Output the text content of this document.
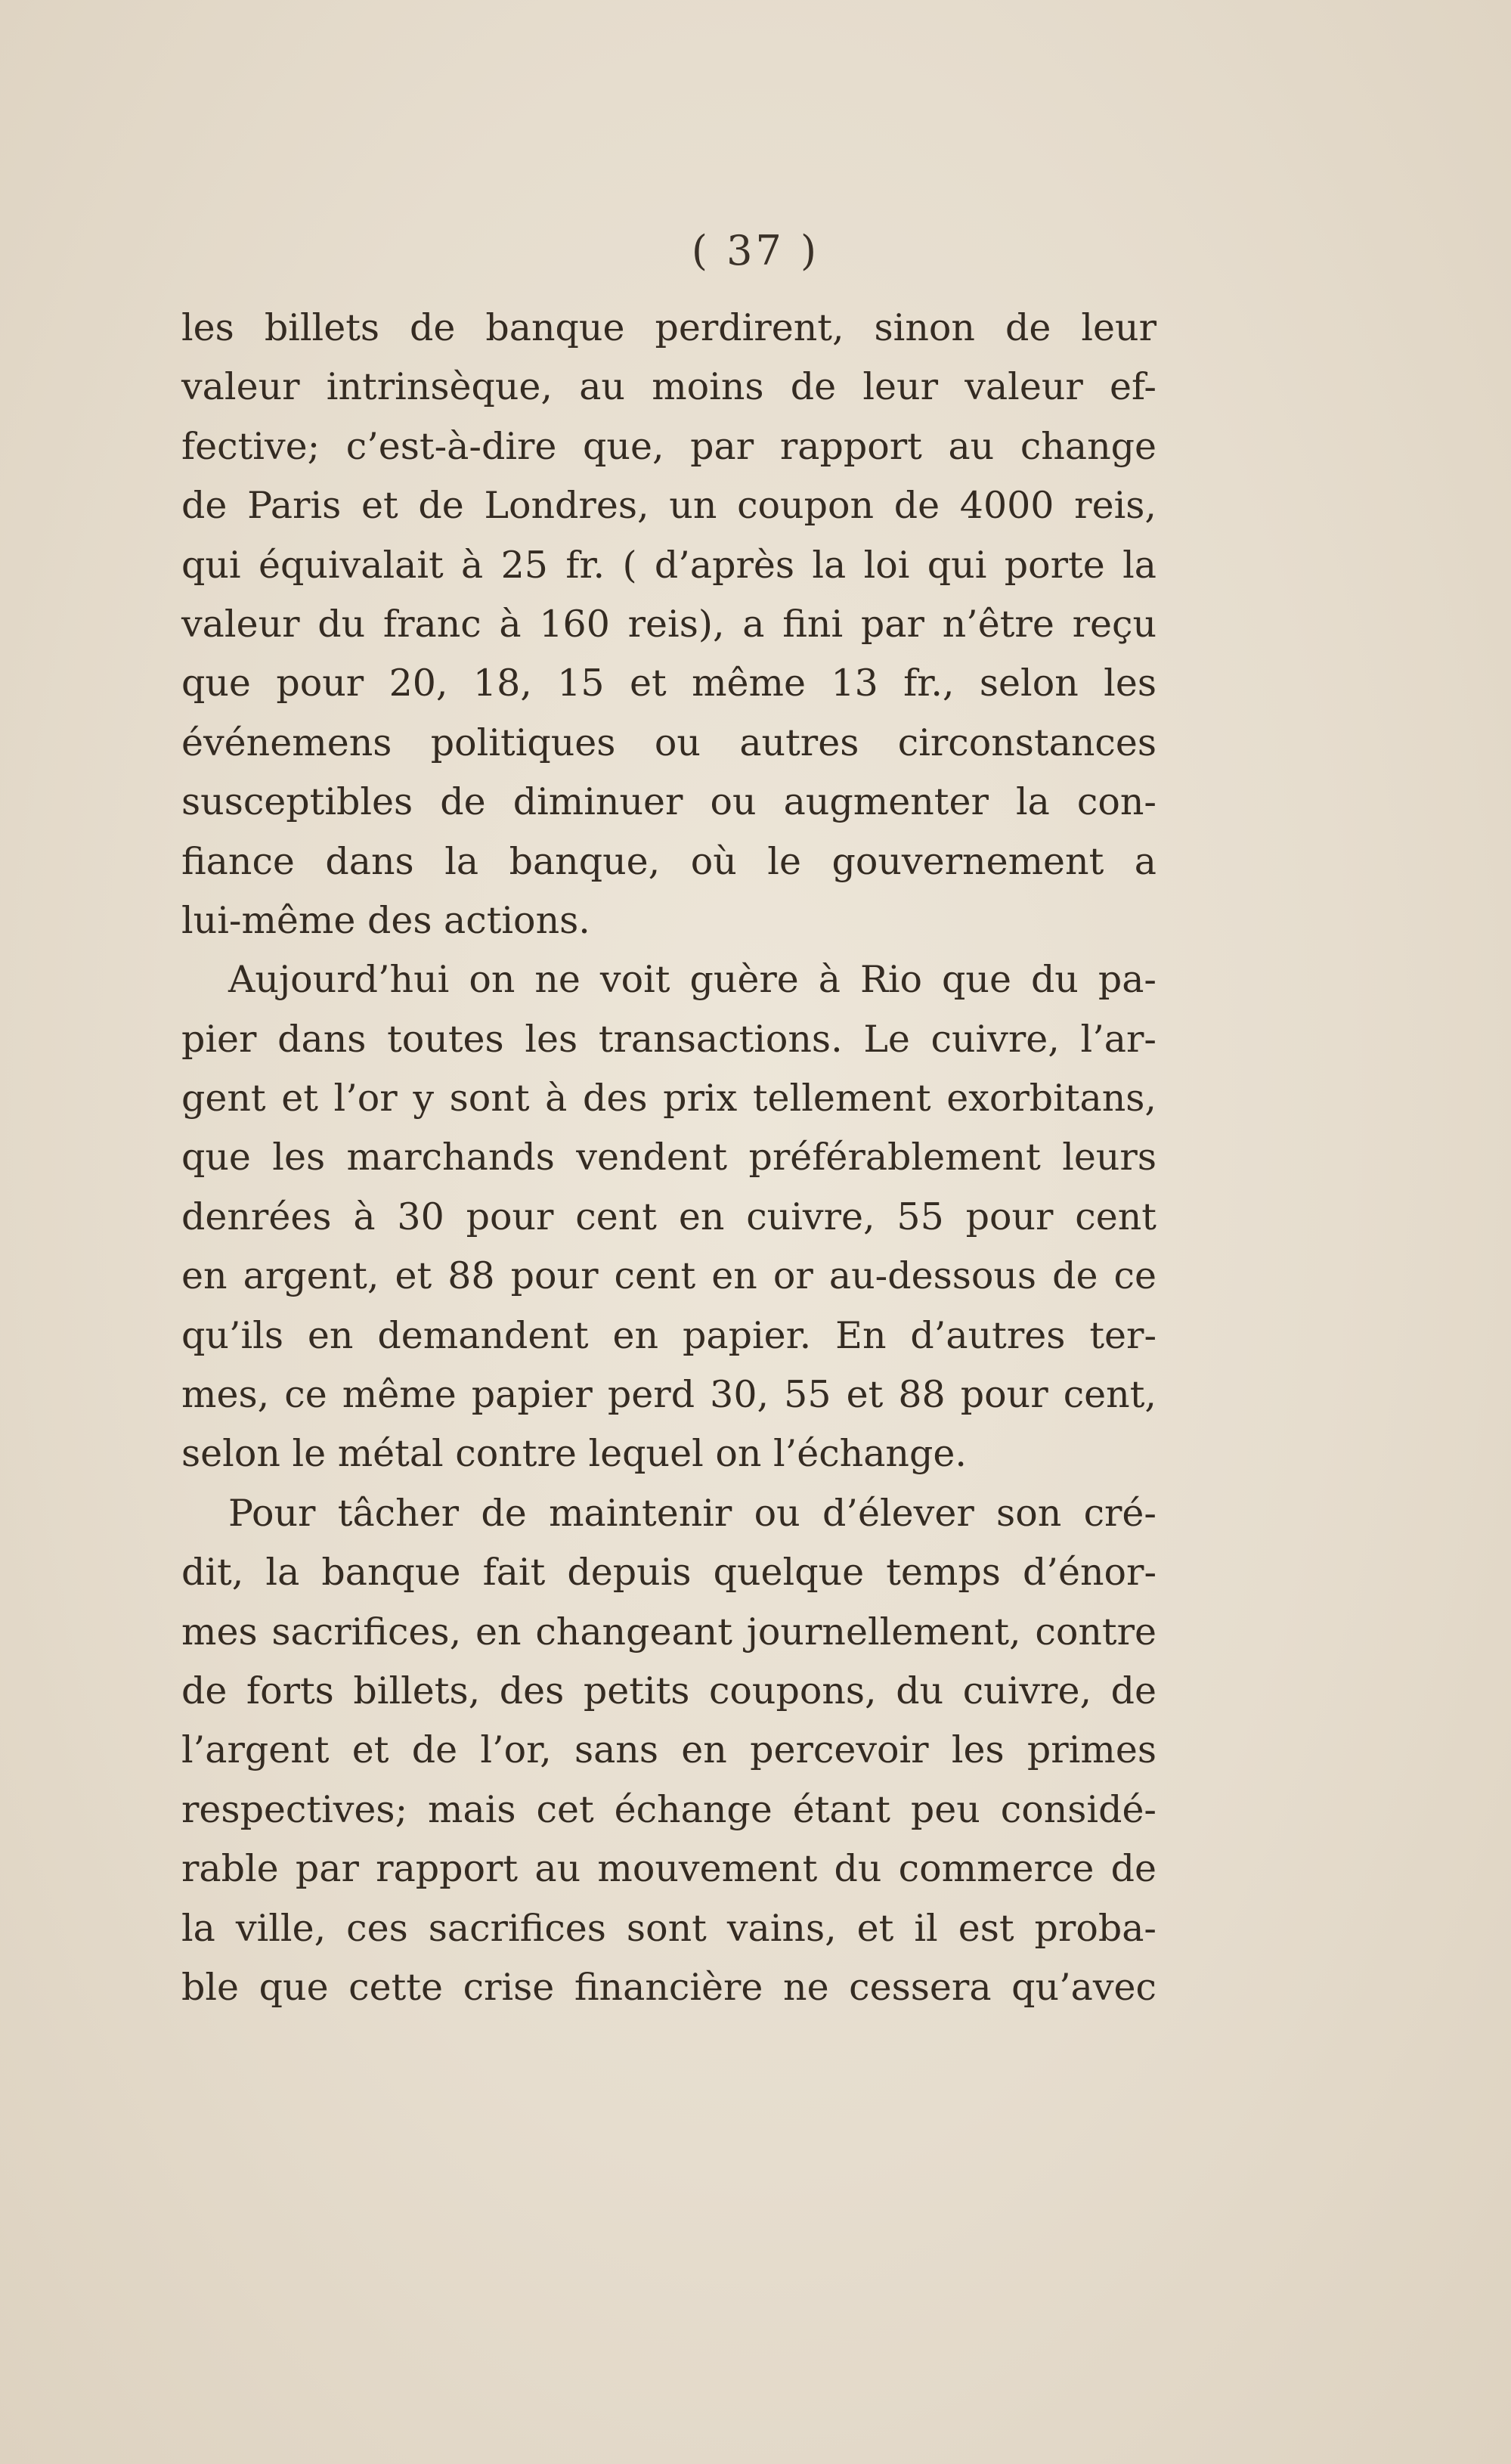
( 37 )
les billets de banque perdirent, sinon de leur
valeur intrinsèque, au moins de leur valeur ef-
fective; c’est-à-dire que, par rapport au change
de Paris et de Londres, un coupon de 4000 reis,
qui équivalait à 25 fr. ( d’après la loi qui porte la
valeur du franc à 160 reis), a fini par n’être reçu
que pour 20, 18, 15 et même 13 fr., selon les
événemens politiques ou autres circonstances
susceptibles de diminuer ou augmenter la con-
fiance dans la banque, où le gouvernement a
lui-même des actions.
Aujourd’hui on ne voit guère à Rio que du pa-
pier dans toutes les transactions. Le cuivre, l’ar-
gent et l’or y sont à des prix tellement exorbitans,
que les marchands vendent préférablement leurs
denrées à 30 pour cent en cuivre, 55 pour cent
en argent, et 88 pour cent en or au-dessous de ce
qu’ils en demandent en papier. En d’autres ter-
mes, ce même papier perd 30, 55 et 88 pour cent,
selon le métal contre lequel on l’échange.
Pour tâcher de maintenir ou d’élever son cré-
dit, la banque fait depuis quelque temps d’énor-
mes sacrifices, en changeant journellement, contre
de forts billets, des petits coupons, du cuivre, de
l’argent et de l’or, sans en percevoir les primes
respectives; mais cet échange étant peu considé-
rable par rapport au mouvement du commerce de
la ville, ces sacrifices sont vains, et il est proba-
ble que cette crise financière ne cessera qu’avec
